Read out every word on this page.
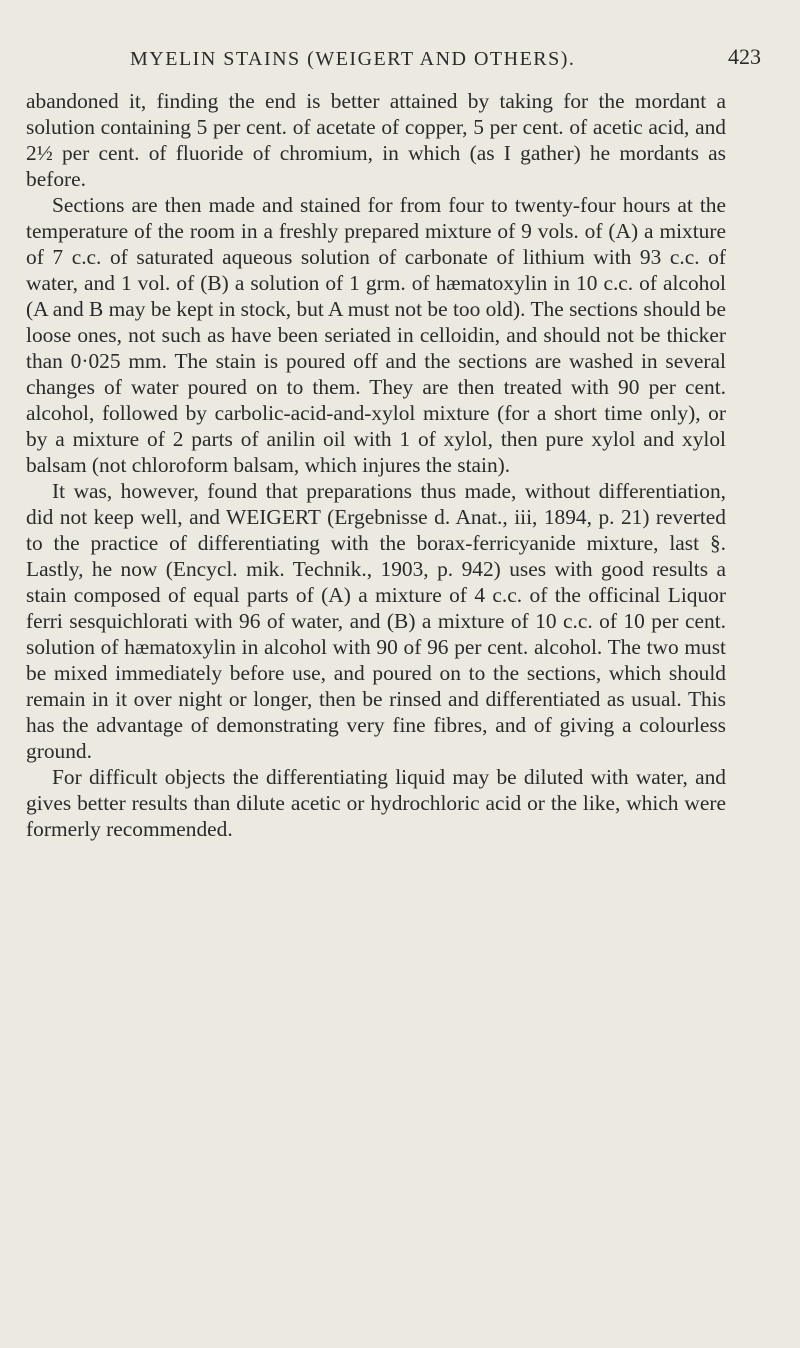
MYELIN STAINS (WEIGERT AND OTHERS).	423

abandoned it, finding the end is better attained by taking for the mordant a solution containing 5 per cent. of acetate of copper, 5 per cent. of acetic acid, and 2½ per cent. of fluoride of chromium, in which (as I gather) he mordants as before.

Sections are then made and stained for from four to twenty-four hours at the temperature of the room in a freshly prepared mixture of 9 vols. of (A) a mixture of 7 c.c. of saturated aqueous solution of carbonate of lithium with 93 c.c. of water, and 1 vol. of (B) a solution of 1 grm. of hæmatoxylin in 10 c.c. of alcohol (A and B may be kept in stock, but A must not be too old). The sections should be loose ones, not such as have been seriated in celloidin, and should not be thicker than 0·025 mm. The stain is poured off and the sections are washed in several changes of water poured on to them. They are then treated with 90 per cent. alcohol, followed by carbolic-acid-and-xylol mixture (for a short time only), or by a mixture of 2 parts of anilin oil with 1 of xylol, then pure xylol and xylol balsam (not chloroform balsam, which injures the stain).

It was, however, found that preparations thus made, without differentiation, did not keep well, and WEIGERT (Ergebnisse d. Anat., iii, 1894, p. 21) reverted to the practice of differentiating with the borax-ferricyanide mixture, last §. Lastly, he now (Encycl. mik. Technik., 1903, p. 942) uses with good results a stain composed of equal parts of (A) a mixture of 4 c.c. of the officinal Liquor ferri sesquichlorati with 96 of water, and (B) a mixture of 10 c.c. of 10 per cent. solution of hæmatoxylin in alcohol with 90 of 96 per cent. alcohol. The two must be mixed immediately before use, and poured on to the sections, which should remain in it over night or longer, then be rinsed and differentiated as usual. This has the advantage of demonstrating very fine fibres, and of giving a colourless ground.

For difficult objects the differentiating liquid may be diluted with water, and gives better results than dilute acetic or hydrochloric acid or the like, which were formerly recommended.
